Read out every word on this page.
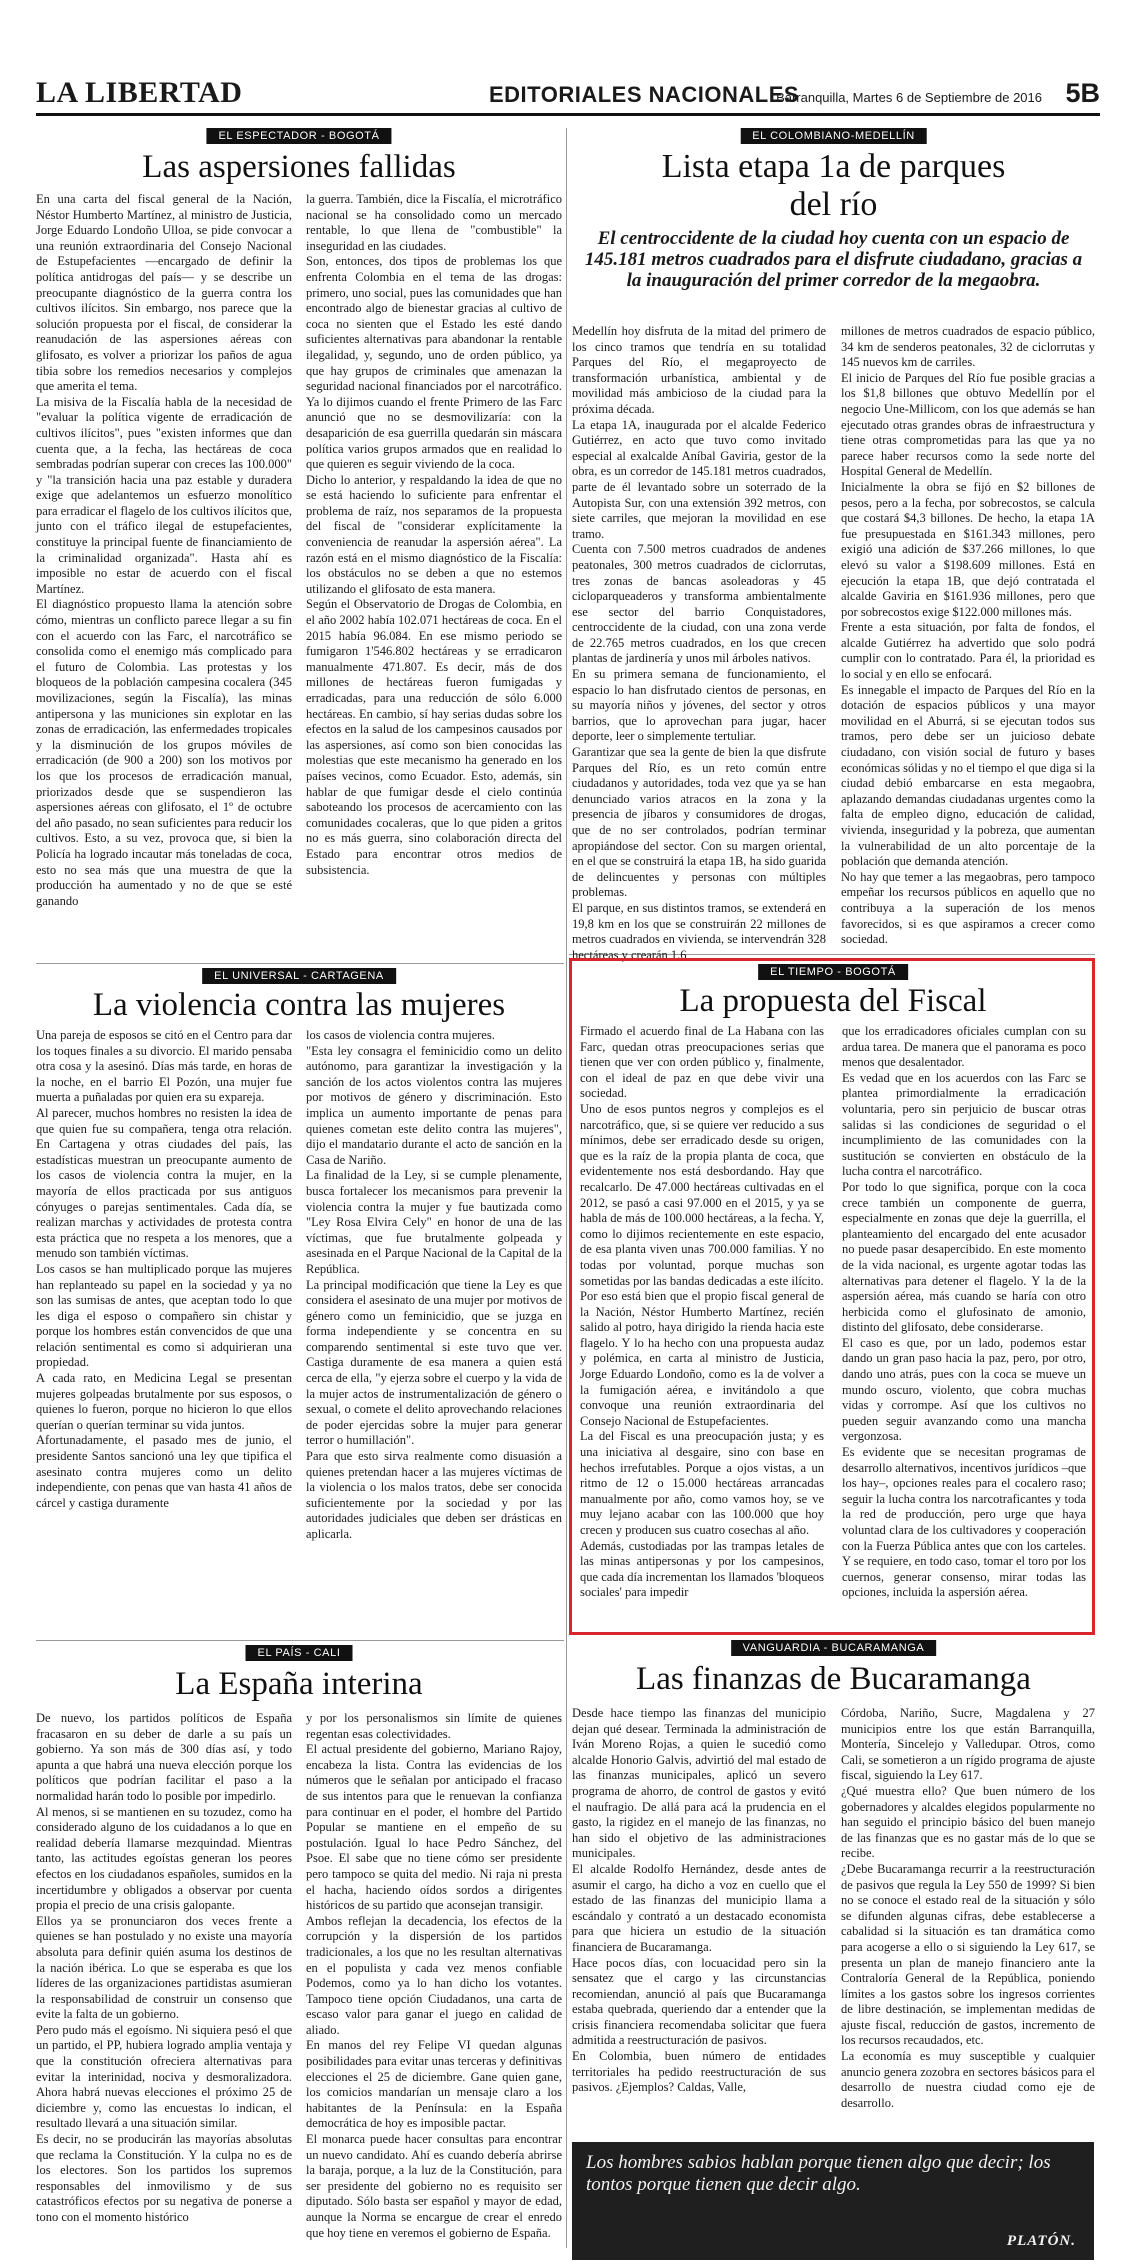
LA LIBERTAD	EDITORIALES NACIONALES
Barranquilla, Martes 6 de Septiembre de 2016 5B
EL ESPECTADOR - BOGOTÁ
Las aspersiones fallidas

En una carta del fiscal general de la Nación, Néstor Humberto Martínez, al ministro de Justicia, Jorge Eduardo Londoño Ulloa, se pide convocar a una reunión extraordinaria del Consejo Nacional de Estupefacientes —encargado de definir la política antidrogas del país— y se describe un preocupante diagnóstico de la guerra contra los cultivos ilícitos. Sin embargo, nos parece que la solución propuesta por el fiscal, de considerar la reanudación de las aspersiones aéreas con glifosato, es volver a priorizar los paños de agua tibia sobre los remedios necesarios y complejos que amerita el tema.

La misiva de la Fiscalía habla de la necesidad de "evaluar la política vigente de erradicación de cultivos ilícitos", pues "existen informes que dan cuenta que, a la fecha, las hectáreas de coca sembradas podrían superar con creces las 100.000" y "la transición hacia una paz estable y duradera exige que adelantemos un esfuerzo monolítico para erradicar el flagelo de los cultivos ilícitos que, junto con el tráfico ilegal de estupefacientes, constituye la principal fuente de financiamiento de la criminalidad organizada". Hasta ahí es imposible no estar de acuerdo con el fiscal Martínez.

El diagnóstico propuesto llama la atención sobre cómo, mientras un conflicto parece llegar a su fin con el acuerdo con las Farc, el narcotráfico se consolida como el enemigo más complicado para el futuro de Colombia. Las protestas y los bloqueos de la población campesina cocalera (345 movilizaciones, según la Fiscalía), las minas antipersona y las municiones sin explotar en las zonas de erradicación, las enfermedades tropicales y la disminución de los grupos móviles de erradicación (de 900 a 200) son los motivos por los que los procesos de erradicación manual, priorizados desde que se suspendieron las aspersiones aéreas con glifosato, el 1º de octubre del año pasado, no sean suficientes para reducir los cultivos. Esto, a su vez, provoca que, si bien la Policía ha logrado incautar más toneladas de coca, esto no sea más que una muestra de que la producción ha aumentado y no de que se esté ganando

la guerra. También, dice la Fiscalía, el microtráfico nacional se ha consolidado como un mercado rentable, lo que llena de "combustible" la inseguridad en las ciudades.

Son, entonces, dos tipos de problemas los que enfrenta Colombia en el tema de las drogas: primero, uno social, pues las comunidades que han encontrado algo de bienestar gracias al cultivo de coca no sienten que el Estado les esté dando suficientes alternativas para abandonar la rentable ilegalidad, y, segundo, uno de orden público, ya que hay grupos de criminales que amenazan la seguridad nacional financiados por el narcotráfico. Ya lo dijimos cuando el frente Primero de las Farc anunció que no se desmovilizaría: con la desaparición de esa guerrilla quedarán sin máscara política varios grupos armados que en realidad lo que quieren es seguir viviendo de la coca.

Dicho lo anterior, y respaldando la idea de que no se está haciendo lo suficiente para enfrentar el problema de raíz, nos separamos de la propuesta del fiscal de "considerar explícitamente la conveniencia de reanudar la aspersión aérea". La razón está en el mismo diagnóstico de la Fiscalía: los obstáculos no se deben a que no estemos utilizando el glifosato de esta manera.

Según el Observatorio de Drogas de Colombia, en el año 2002 había 102.071 hectáreas de coca. En el 2015 había 96.084. En ese mismo periodo se fumigaron 1'546.802 hectáreas y se erradicaron manualmente 471.807. Es decir, más de dos millones de hectáreas fueron fumigadas y erradicadas, para una reducción de sólo 6.000 hectáreas. En cambio, sí hay serias dudas sobre los efectos en la salud de los campesinos causados por las aspersiones, así como son bien conocidas las molestias que este mecanismo ha generado en los países vecinos, como Ecuador. Esto, además, sin hablar de que fumigar desde el cielo continúa saboteando los procesos de acercamiento con las comunidades cocaleras, que lo que piden a gritos no es más guerra, sino colaboración directa del Estado para encontrar otros medios de subsistencia.

EL COLOMBIANO-MEDELLÍN
Lista etapa 1a de parques del río
El centroccidente de la ciudad hoy cuenta con un espacio de 145.181 metros cuadrados para el disfrute ciudadano, gracias a la inauguración del primer corredor de la megaobra.

Medellín hoy disfruta de la mitad del primero de los cinco tramos que tendría en su totalidad Parques del Río, el megaproyecto de transformación urbanística, ambiental y de movilidad más ambicioso de la ciudad para la próxima década.

La etapa 1A, inaugurada por el alcalde Federico Gutiérrez, en acto que tuvo como invitado especial al exalcalde Aníbal Gaviria, gestor de la obra, es un corredor de 145.181 metros cuadrados, parte de él levantado sobre un soterrado de la Autopista Sur, con una extensión 392 metros, con siete carriles, que mejoran la movilidad en ese tramo.

Cuenta con 7.500 metros cuadrados de andenes peatonales, 300 metros cuadrados de ciclorrutas, tres zonas de bancas asoleadoras y 45 cicloparqueaderos y transforma ambientalmente ese sector del barrio Conquistadores, centroccidente de la ciudad, con una zona verde de 22.765 metros cuadrados, en los que crecen plantas de jardinería y unos mil árboles nativos.

En su primera semana de funcionamiento, el espacio lo han disfrutado cientos de personas, en su mayoría niños y jóvenes, del sector y otros barrios, que lo aprovechan para jugar, hacer deporte, leer o simplemente tertuliar.

Garantizar que sea la gente de bien la que disfrute Parques del Río, es un reto común entre ciudadanos y autoridades, toda vez que ya se han denunciado varios atracos en la zona y la presencia de jíbaros y consumidores de drogas, que de no ser controlados, podrían terminar apropiándose del sector. Con su margen oriental, en el que se construirá la etapa 1B, ha sido guarida de delincuentes y personas con múltiples problemas.

El parque, en sus distintos tramos, se extenderá en 19,8 km en los que se construirán 22 millones de metros cuadrados en vivienda, se intervendrán 328 hectáreas y crearán 1,6

millones de metros cuadrados de espacio público, 34 km de senderos peatonales, 32 de ciclorrutas y 145 nuevos km de carriles.

El inicio de Parques del Río fue posible gracias a los $1,8 billones que obtuvo Medellín por el negocio Une-Millicom, con los que además se han ejecutado otras grandes obras de infraestructura y tiene otras comprometidas para las que ya no parece haber recursos como la sede norte del Hospital General de Medellín.

Inicialmente la obra se fijó en $2 billones de pesos, pero a la fecha, por sobrecostos, se calcula que costará $4,3 billones. De hecho, la etapa 1A fue presupuestada en $161.343 millones, pero exigió una adición de $37.266 millones, lo que elevó su valor a $198.609 millones. Está en ejecución la etapa 1B, que dejó contratada el alcalde Gaviria en $161.936 millones, pero que por sobrecostos exige $122.000 millones más.

Frente a esta situación, por falta de fondos, el alcalde Gutiérrez ha advertido que solo podrá cumplir con lo contratado. Para él, la prioridad es lo social y en ello se enfocará.

Es innegable el impacto de Parques del Río en la dotación de espacios públicos y una mayor movilidad en el Aburrá, si se ejecutan todos sus tramos, pero debe ser un juicioso debate ciudadano, con visión social de futuro y bases económicas sólidas y no el tiempo el que diga si la ciudad debió embarcarse en esta megaobra, aplazando demandas ciudadanas urgentes como la falta de empleo digno, educación de calidad, vivienda, inseguridad y la pobreza, que aumentan la vulnerabilidad de un alto porcentaje de la población que demanda atención.

No hay que temer a las megaobras, pero tampoco empeñar los recursos públicos en aquello que no contribuya a la superación de los menos favorecidos, si es que aspiramos a crecer como sociedad.

EL UNIVERSAL - CARTAGENA
La violencia contra las mujeres

Una pareja de esposos se citó en el Centro para dar los toques finales a su divorcio. El marido pensaba otra cosa y la asesinó. Días más tarde, en horas de la noche, en el barrio El Pozón, una mujer fue muerta a puñaladas por quien era su expareja.

Al parecer, muchos hombres no resisten la idea de que quien fue su compañera, tenga otra relación. En Cartagena y otras ciudades del país, las estadísticas muestran un preocupante aumento de los casos de violencia contra la mujer, en la mayoría de ellos practicada por sus antiguos cónyuges o parejas sentimentales. Cada día, se realizan marchas y actividades de protesta contra esta práctica que no respeta a los menores, que a menudo son también víctimas.

Los casos se han multiplicado porque las mujeres han replanteado su papel en la sociedad y ya no son las sumisas de antes, que aceptan todo lo que les diga el esposo o compañero sin chistar y porque los hombres están convencidos de que una relación sentimental es como si adquirieran una propiedad.

A cada rato, en Medicina Legal se presentan mujeres golpeadas brutalmente por sus esposos, o quienes lo fueron, porque no hicieron lo que ellos querían o querían terminar su vida juntos.

Afortunadamente, el pasado mes de junio, el presidente Santos sancionó una ley que tipifica el asesinato contra mujeres como un delito independiente, con penas que van hasta 41 años de cárcel y castiga duramente

los casos de violencia contra mujeres.

"Esta ley consagra el feminicidio como un delito autónomo, para garantizar la investigación y la sanción de los actos violentos contra las mujeres por motivos de género y discriminación. Esto implica un aumento importante de penas para quienes cometan este delito contra las mujeres", dijo el mandatario durante el acto de sanción en la Casa de Nariño.

La finalidad de la Ley, si se cumple plenamente, busca fortalecer los mecanismos para prevenir la violencia contra la mujer y fue bautizada como "Ley Rosa Elvira Cely" en honor de una de las víctimas, que fue brutalmente golpeada y asesinada en el Parque Nacional de la Capital de la República.

La principal modificación que tiene la Ley es que considera el asesinato de una mujer por motivos de género como un feminicidio, que se juzga en forma independiente y se concentra en su comparendo sentimental si este tuvo que ver. Castiga duramente de esa manera a quien está cerca de ella, "y ejerza sobre el cuerpo y la vida de la mujer actos de instrumentalización de género o sexual, o comete el delito aprovechando relaciones de poder ejercidas sobre la mujer para generar terror o humillación".

Para que esto sirva realmente como disuasión a quienes pretendan hacer a las mujeres víctimas de la violencia o los malos tratos, debe ser conocida suficientemente por la sociedad y por las autoridades judiciales que deben ser drásticas en aplicarla.

EL TIEMPO - BOGOTÁ
La propuesta del Fiscal

Firmado el acuerdo final de La Habana con las Farc, quedan otras preocupaciones serias que tienen que ver con orden público y, finalmente, con el ideal de paz en que debe vivir una sociedad.

Uno de esos puntos negros y complejos es el narcotráfico, que, si se quiere ver reducido a sus mínimos, debe ser erradicado desde su origen, que es la raíz de la propia planta de coca, que evidentemente nos está desbordando. Hay que recalcarlo. De 47.000 hectáreas cultivadas en el 2012, se pasó a casi 97.000 en el 2015, y ya se habla de más de 100.000 hectáreas, a la fecha. Y, como lo dijimos recientemente en este espacio, de esa planta viven unas 700.000 familias. Y no todas por voluntad, porque muchas son sometidas por las bandas dedicadas a este ilícito.

Por eso está bien que el propio fiscal general de la Nación, Néstor Humberto Martínez, recién salido al potro, haya dirigido la rienda hacia este flagelo. Y lo ha hecho con una propuesta audaz y polémica, en carta al ministro de Justicia, Jorge Eduardo Londoño, como es la de volver a la fumigación aérea, e invitándolo a que convoque una reunión extraordinaria del Consejo Nacional de Estupefacientes.

La del Fiscal es una preocupación justa; y es una iniciativa al desgaire, sino con base en hechos irrefutables. Porque a ojos vistas, a un ritmo de 12 o 15.000 hectáreas arrancadas manualmente por año, como vamos hoy, se ve muy lejano acabar con las 100.000 que hoy crecen y producen sus cuatro cosechas al año.

Además, custodiadas por las trampas letales de las minas antipersonas y por los campesinos, que cada día incrementan los llamados 'bloqueos sociales' para impedir

que los erradicadores oficiales cumplan con su ardua tarea. De manera que el panorama es poco menos que desalentador.

Es vedad que en los acuerdos con las Farc se plantea primordialmente la erradicación voluntaria, pero sin perjuicio de buscar otras salidas si las condiciones de seguridad o el incumplimiento de las comunidades con la sustitución se convierten en obstáculo de la lucha contra el narcotráfico.

Por todo lo que significa, porque con la coca crece también un componente de guerra, especialmente en zonas que deje la guerrilla, el planteamiento del encargado del ente acusador no puede pasar desapercibido. En este momento de la vida nacional, es urgente agotar todas las alternativas para detener el flagelo. Y la de la aspersión aérea, más cuando se haría con otro herbicida como el glufosinato de amonio, distinto del glifosato, debe considerarse.

El caso es que, por un lado, podemos estar dando un gran paso hacia la paz, pero, por otro, dando uno atrás, pues con la coca se mueve un mundo oscuro, violento, que cobra muchas vidas y corrompe. Así que los cultivos no pueden seguir avanzando como una mancha vergonzosa.

Es evidente que se necesitan programas de desarrollo alternativos, incentivos jurídicos –que los hay–, opciones reales para el cocalero raso; seguir la lucha contra los narcotraficantes y toda la red de producción, pero urge que haya voluntad clara de los cultivadores y cooperación con la Fuerza Pública antes que con los carteles. Y se requiere, en todo caso, tomar el toro por los cuernos, generar consenso, mirar todas las opciones, incluida la aspersión aérea.

EL PAÍS - CALI
La España interina

De nuevo, los partidos políticos de España fracasaron en su deber de darle a su país un gobierno. Ya son más de 300 días así, y todo apunta a que habrá una nueva elección porque los políticos que podrían facilitar el paso a la normalidad harán todo lo posible por impedirlo.

Al menos, si se mantienen en su tozudez, como ha considerado alguno de los cuidadanos a lo que en realidad debería llamarse mezquindad. Mientras tanto, las actitudes egoístas generan los peores efectos en los ciudadanos españoles, sumidos en la incertidumbre y obligados a observar por cuenta propia el precio de una crisis galopante.

Ellos ya se pronunciaron dos veces frente a quienes se han postulado y no existe una mayoría absoluta para definir quién asuma los destinos de la nación ibérica. Lo que se esperaba es que los líderes de las organizaciones partidistas asumieran la responsabilidad de construir un consenso que evite la falta de un gobierno.

Pero pudo más el egoísmo. Ni siquiera pesó el que un partido, el PP, hubiera logrado amplia ventaja y que la constitución ofreciera alternativas para evitar la interinidad, nociva y desmoralizadora. Ahora habrá nuevas elecciones el próximo 25 de diciembre y, como las encuestas lo indican, el resultado llevará a una situación similar.

Es decir, no se producirán las mayorías absolutas que reclama la Constitución. Y la culpa no es de los electores. Son los partidos los supremos responsables del inmovilismo y de sus catastróficos efectos por su negativa de ponerse a tono con el momento histórico

y por los personalismos sin límite de quienes regentan esas colectividades.

El actual presidente del gobierno, Mariano Rajoy, encabeza la lista. Contra las evidencias de los números que le señalan por anticipado el fracaso de sus intentos para que le renuevan la confianza para continuar en el poder, el hombre del Partido Popular se mantiene en el empeño de su postulación. Igual lo hace Pedro Sánchez, del Psoe. El sabe que no tiene cómo ser presidente pero tampoco se quita del medio. Ni raja ni presta el hacha, haciendo oídos sordos a dirigentes históricos de su partido que aconsejan transigir.

Ambos reflejan la decadencia, los efectos de la corrupción y la dispersión de los partidos tradicionales, a los que no les resultan alternativas en el populista y cada vez menos confiable Podemos, como ya lo han dicho los votantes. Tampoco tiene opción Ciudadanos, una carta de escaso valor para ganar el juego en calidad de aliado.

En manos del rey Felipe VI quedan algunas posibilidades para evitar unas terceras y definitivas elecciones el 25 de diciembre. Gane quien gane, los comicios mandarían un mensaje claro a los habitantes de la Península: en la España democrática de hoy es imposible pactar.

El monarca puede hacer consultas para encontrar un nuevo candidato. Ahí es cuando debería abrirse la baraja, porque, a la luz de la Constitución, para ser presidente del gobierno no es requisito ser diputado. Sólo basta ser español y mayor de edad, aunque la Norma se encargue de crear el enredo que hoy tiene en veremos el gobierno de España.

VANGUARDIA - BUCARAMANGA
Las finanzas de Bucaramanga

Desde hace tiempo las finanzas del municipio dejan qué desear. Terminada la administración de Iván Moreno Rojas, a quien le sucedió como alcalde Honorio Galvis, advirtió del mal estado de las finanzas municipales, aplicó un severo programa de ahorro, de control de gastos y evitó el naufragio. De allá para acá la prudencia en el gasto, la rigidez en el manejo de las finanzas, no han sido el objetivo de las administraciones municipales.

El alcalde Rodolfo Hernández, desde antes de asumir el cargo, ha dicho a voz en cuello que el estado de las finanzas del municipio llama a escándalo y contrató a un destacado economista para que hiciera un estudio de la situación financiera de Bucaramanga.

Hace pocos días, con locuacidad pero sin la sensatez que el cargo y las circunstancias recomiendan, anunció al país que Bucaramanga estaba quebrada, queriendo dar a entender que la crisis financiera recomendaba solicitar que fuera admitida a reestructuración de pasivos.

En Colombia, buen número de entidades territoriales ha pedido reestructuración de sus pasivos. ¿Ejemplos? Caldas, Valle,

Córdoba, Nariño, Sucre, Magdalena y 27 municipios entre los que están Barranquilla, Montería, Sincelejo y Valledupar. Otros, como Cali, se sometieron a un rígido programa de ajuste fiscal, siguiendo la Ley 617.

¿Qué muestra ello? Que buen número de los gobernadores y alcaldes elegidos popularmente no han seguido el principio básico del buen manejo de las finanzas que es no gastar más de lo que se recibe.

¿Debe Bucaramanga recurrir a la reestructuración de pasivos que regula la Ley 550 de 1999? Si bien no se conoce el estado real de la situación y sólo se difunden algunas cifras, debe establecerse a cabalidad si la situación es tan dramática como para acogerse a ello o si siguiendo la Ley 617, se presenta un plan de manejo financiero ante la Contraloría General de la República, poniendo límites a los gastos sobre los ingresos corrientes de libre destinación, se implementan medidas de ajuste fiscal, reducción de gastos, incremento de los recursos recaudados, etc.

La economía es muy susceptible y cualquier anuncio genera zozobra en sectores básicos para el desarrollo de nuestra ciudad como eje de desarrollo.

Los hombres sabios hablan porque tienen algo que decir; los tontos porque tienen que decir algo.
PLATÓN.
